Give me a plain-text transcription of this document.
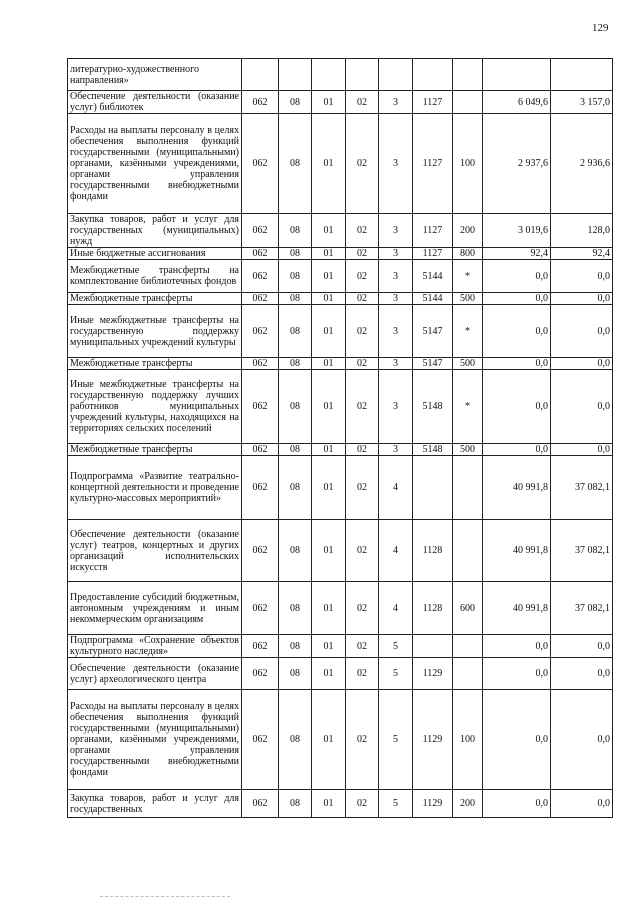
129
литературно-художественного направления»									
Обеспечение деятельности (оказание услуг) библиотек	062	08	01	02	3	1127		6 049,6	3 157,0
Расходы на выплаты персоналу в целях обеспечения выполнения функций государственными (муниципальными) органами, казёнными учреждениями, органами управления государственными внебюджетными фондами	062	08	01	02	3	1127	100	2 937,6	2 936,6
Закупка товаров, работ и услуг для государственных (муниципальных) нужд	062	08	01	02	3	1127	200	3 019,6	128,0
Иные бюджетные ассигнования	062	08	01	02	3	1127	800	92,4	92,4
Межбюджетные трансферты на комплектование библиотечных фондов	062	08	01	02	3	5144	*	0,0	0,0
Межбюджетные трансферты	062	08	01	02	3	5144	500	0,0	0,0
Иные межбюджетные трансферты на государственную поддержку муниципальных учреждений культуры	062	08	01	02	3	5147	*	0,0	0,0
Межбюджетные трансферты	062	08	01	02	3	5147	500	0,0	0,0
Иные межбюджетные трансферты на государственную поддержку лучших работников муниципальных учреждений культуры, находящихся на территориях сельских поселений	062	08	01	02	3	5148	*	0,0	0,0
Межбюджетные трансферты	062	08	01	02	3	5148	500	0,0	0,0
Подпрограмма «Развитие театрально-концертной деятельности и проведение культурно-массовых мероприятий»	062	08	01	02	4			40 991,8	37 082,1
Обеспечение деятельности (оказание услуг) театров, концертных и других организаций исполнительских искусств	062	08	01	02	4	1128		40 991,8	37 082,1
Предоставление субсидий бюджетным, автономным учреждениям и иным некоммерческим организациям	062	08	01	02	4	1128	600	40 991,8	37 082,1
Подпрограмма «Сохранение объектов культурного наследия»	062	08	01	02	5			0,0	0,0
Обеспечение деятельности (оказание услуг) археологического центра	062	08	01	02	5	1129		0,0	0,0
Расходы на выплаты персоналу в целях обеспечения выполнения функций государственными (муниципальными) органами, казёнными учреждениями, органами управления государственными внебюджетными фондами	062	08	01	02	5	1129	100	0,0	0,0
Закупка товаров, работ и услуг для государственных	062	08	01	02	5	1129	200	0,0	0,0
